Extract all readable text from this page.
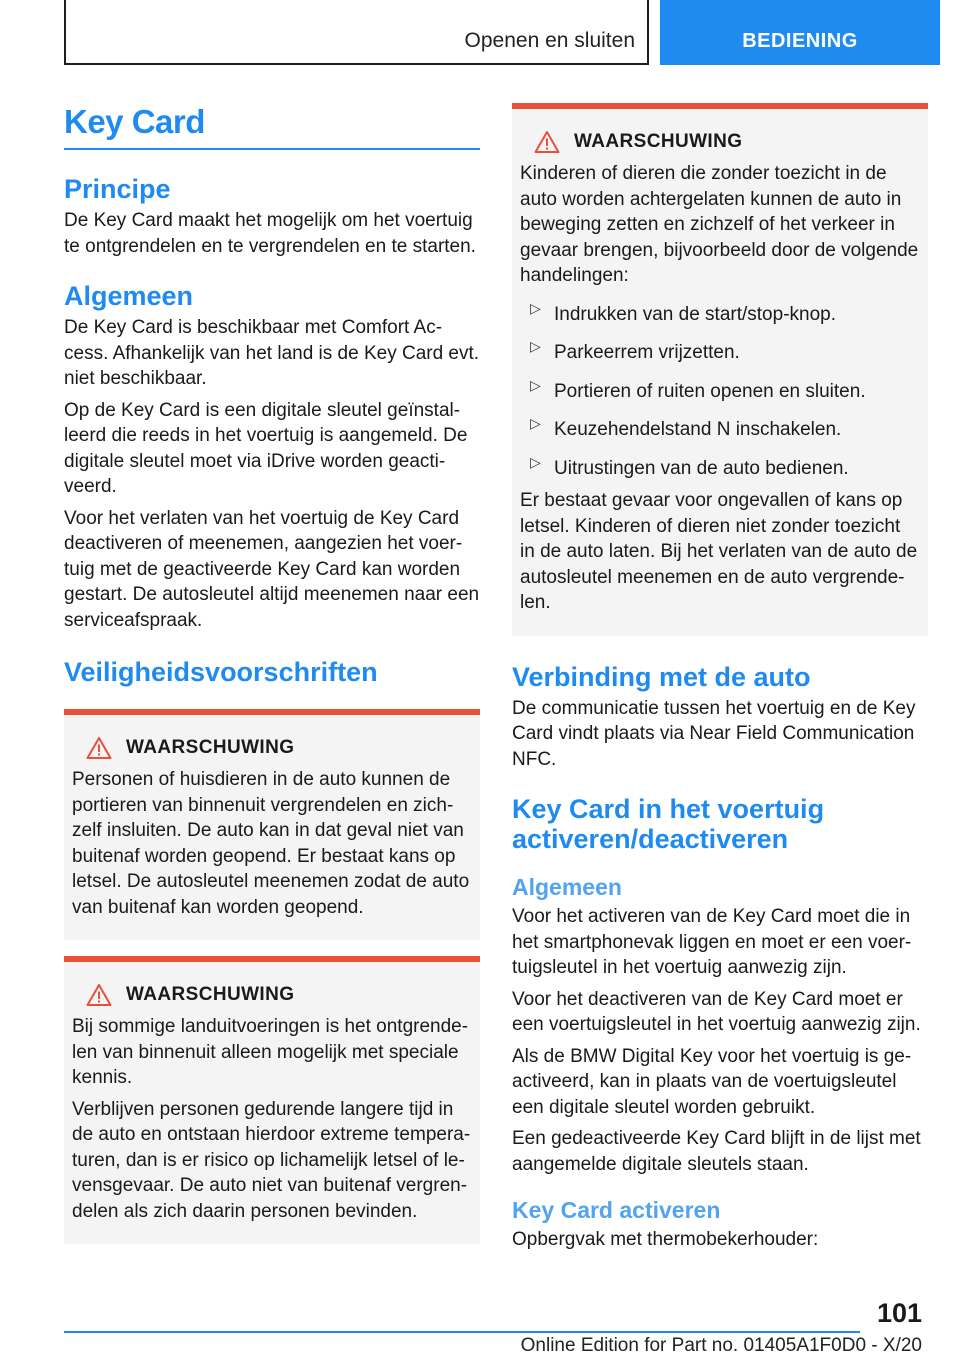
Openen en sluiten	BEDIENING
Key Card
Principe
De Key Card maakt het mogelijk om het voertuig te ontgrendelen en te vergrendelen en te starten.
Algemeen
De Key Card is beschikbaar met Comfort Access. Afhankelijk van het land is de Key Card evt. niet beschikbaar.
Op de Key Card is een digitale sleutel geïnstalleerd die reeds in het voertuig is aangemeld. De digitale sleutel moet via iDrive worden geactiveerd.
Voor het verlaten van het voertuig de Key Card deactiveren of meenemen, aangezien het voertuig met de geactiveerde Key Card kan worden gestart. De autosleutel altijd meenemen naar een serviceafspraak.
Veiligheidsvoorschriften
WAARSCHUWING
Personen of huisdieren in de auto kunnen de portieren van binnenuit vergrendelen en zichzelf insluiten. De auto kan in dat geval niet van buitenaf worden geopend. Er bestaat kans op letsel. De autosleutel meenemen zodat de auto van buitenaf kan worden geopend.
WAARSCHUWING
Bij sommige landuitvoeringen is het ontgrendelen van binnenuit alleen mogelijk met speciale kennis.
Verblijven personen gedurende langere tijd in de auto en ontstaan hierdoor extreme temperaturen, dan is er risico op lichamelijk letsel of levensgevaar. De auto niet van buitenaf vergrendelen als zich daarin personen bevinden.
WAARSCHUWING
Kinderen of dieren die zonder toezicht in de auto worden achtergelaten kunnen de auto in beweging zetten en zichzelf of het verkeer in gevaar brengen, bijvoorbeeld door de volgende handelingen:
▷ Indrukken van de start/stop-knop.
▷ Parkeerrem vrijzetten.
▷ Portieren of ruiten openen en sluiten.
▷ Keuzehendelstand N inschakelen.
▷ Uitrustingen van de auto bedienen.
Er bestaat gevaar voor ongevallen of kans op letsel. Kinderen of dieren niet zonder toezicht in de auto laten. Bij het verlaten van de auto de autosleutel meenemen en de auto vergrendelen.
Verbinding met de auto
De communicatie tussen het voertuig en de Key Card vindt plaats via Near Field Communication NFC.
Key Card in het voertuig activeren/deactiveren
Algemeen
Voor het activeren van de Key Card moet die in het smartphonevak liggen en moet er een voertuigsleutel in het voertuig aanwezig zijn.
Voor het deactiveren van de Key Card moet er een voertuigsleutel in het voertuig aanwezig zijn.
Als de BMW Digital Key voor het voertuig is geactiveerd, kan in plaats van de voertuigsleutel een digitale sleutel worden gebruikt.
Een gedeactiveerde Key Card blijft in de lijst met aangemelde digitale sleutels staan.
Key Card activeren
Opbergvak met thermobekerhouder:
101
Online Edition for Part no. 01405A1F0D0 - X/20
